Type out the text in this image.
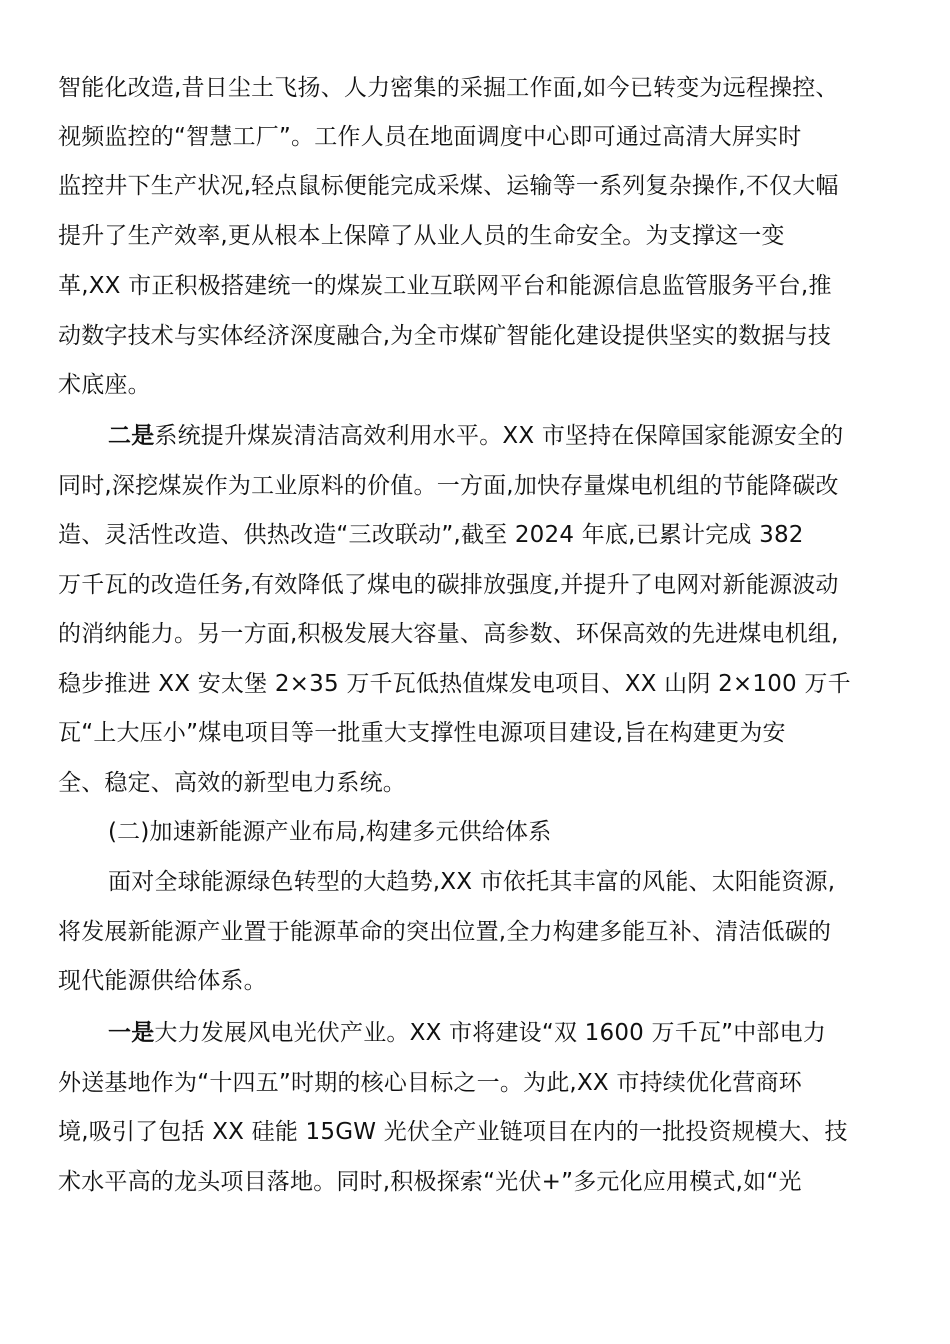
智能化改造,昔日尘土飞扬、人力密集的采掘工作面,如今已转变为远程操控、
视频监控的“智慧工厂”。工作人员在地面调度中心即可通过高清大屏实时
监控井下生产状况,轻点鼠标便能完成采煤、运输等一系列复杂操作,不仅大幅
提升了生产效率,更从根本上保障了从业人员的生命安全。为支撑这一变
革,XX 市正积极搭建统一的煤炭工业互联网平台和能源信息监管服务平台,推
动数字技术与实体经济深度融合,为全市煤矿智能化建设提供坚实的数据与技
术底座。
二是系统提升煤炭清洁高效利用水平。XX 市坚持在保障国家能源安全的
同时,深挖煤炭作为工业原料的价值。一方面,加快存量煤电机组的节能降碳改
造、灵活性改造、供热改造“三改联动”,截至 2024 年底,已累计完成 382
万千瓦的改造任务,有效降低了煤电的碳排放强度,并提升了电网对新能源波动
的消纳能力。另一方面,积极发展大容量、高参数、环保高效的先进煤电机组,
稳步推进 XX 安太堡 2×35 万千瓦低热值煤发电项目、XX 山阴 2×100 万千
瓦“上大压小”煤电项目等一批重大支撑性电源项目建设,旨在构建更为安
全、稳定、高效的新型电力系统。
(二)加速新能源产业布局,构建多元供给体系
面对全球能源绿色转型的大趋势,XX 市依托其丰富的风能、太阳能资源,
将发展新能源产业置于能源革命的突出位置,全力构建多能互补、清洁低碳的
现代能源供给体系。
一是大力发展风电光伏产业。XX 市将建设“双 1600 万千瓦”中部电力
外送基地作为“十四五”时期的核心目标之一。为此,XX 市持续优化营商环
境,吸引了包括 XX 硅能 15GW 光伏全产业链项目在内的一批投资规模大、技
术水平高的龙头项目落地。同时,积极探索“光伏+”多元化应用模式,如“光
